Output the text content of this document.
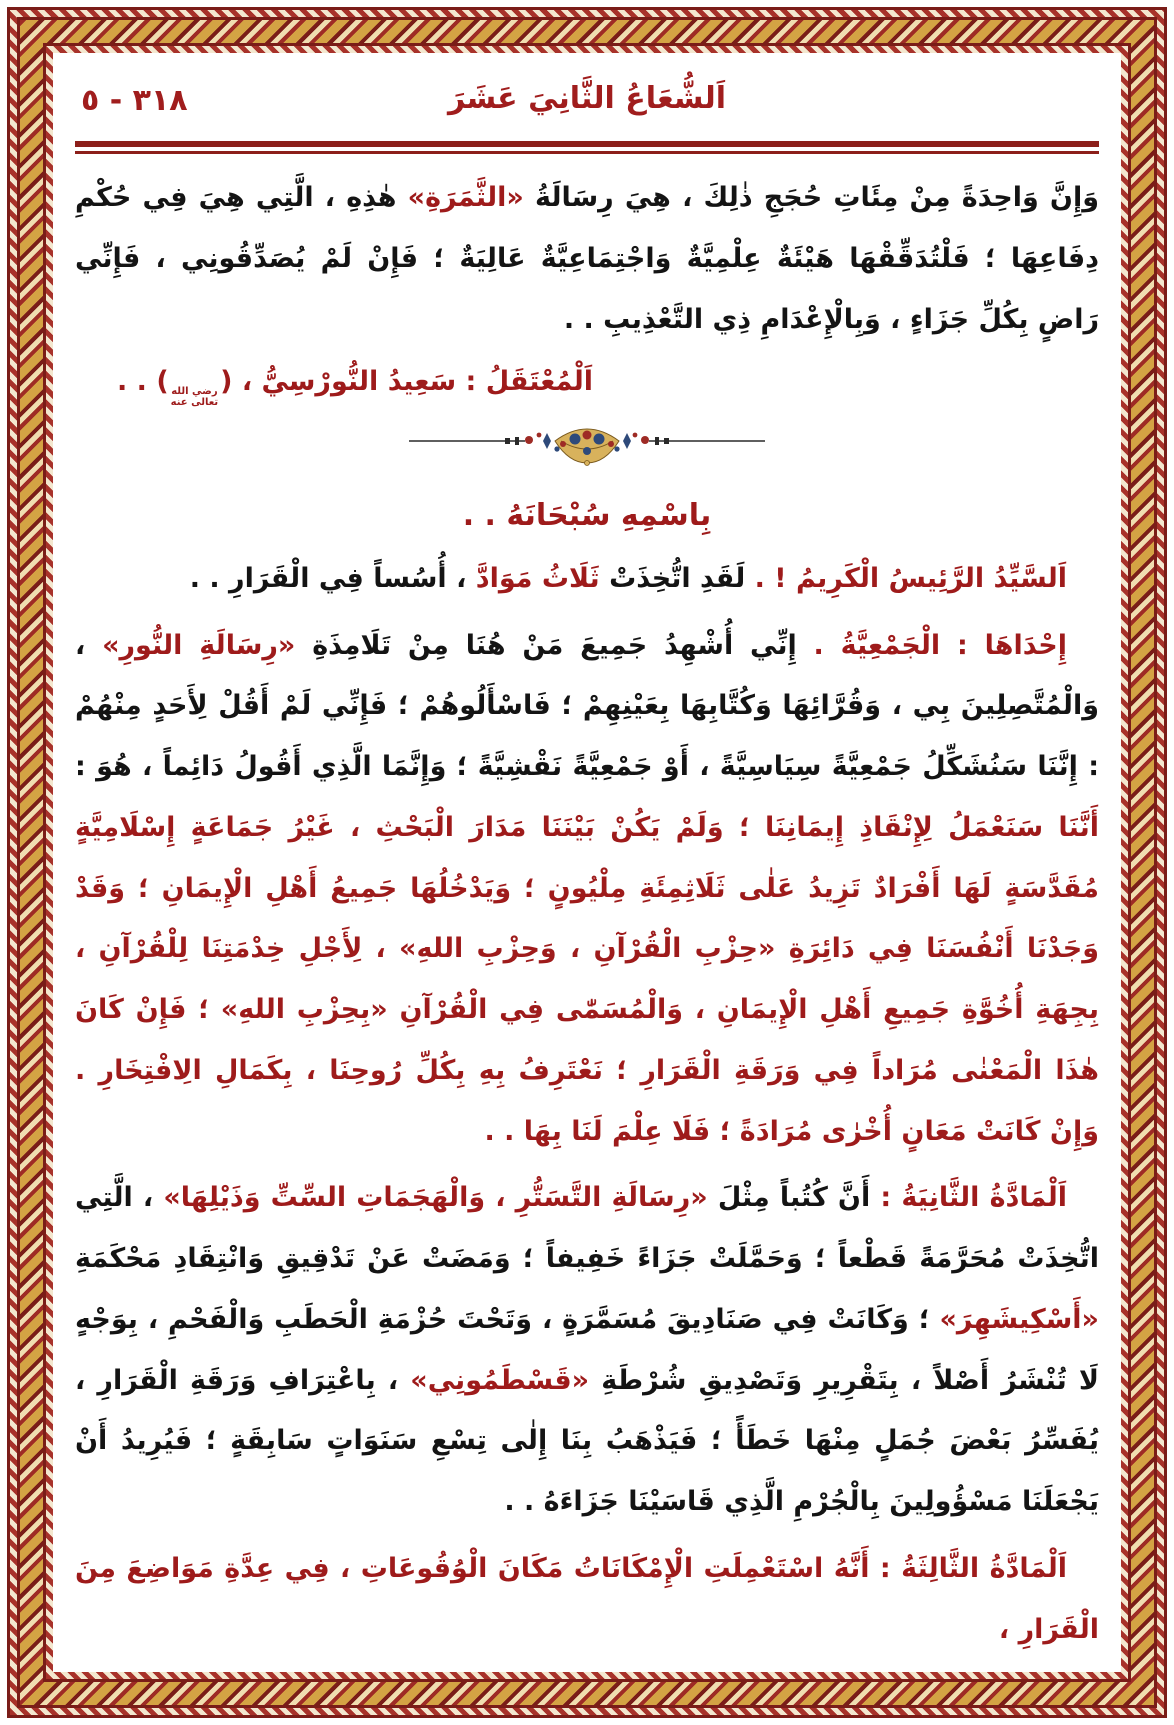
٣١٨ - ٥	اَلشُّعَاعُ الثَّانِيَ عَشَرَ

وَإِنَّ وَاحِدَةً مِنْ مِئَاتِ حُجَجِ ذٰلِكَ ، هِيَ رِسَالَةُ «الثَّمَرَةِ» هٰذِهِ ، الَّتِي هِيَ فِي حُكْمِ دِفَاعِهَا ؛ فَلْتُدَقِّقْهَا هَيْئَةٌ عِلْمِيَّةٌ وَاجْتِمَاعِيَّةٌ عَالِيَةٌ ؛ فَإِنْ لَمْ يُصَدِّقُونِي ، فَإِنِّي رَاضٍ بِكُلِّ جَزَاءٍ ، وَبِالْإِعْدَامِ ذِي التَّعْذِيبِ . .

اَلْمُعْتَقَلُ : سَعِيدُ النُّورْسِيُّ ، (
رضي الله
تعالى عنه
) . .

بِاسْمِهِ سُبْحَانَهُ . .

اَلسَّيِّدُ الرَّئِيسُ الْكَرِيمُ ! . لَقَدِ اتُّخِذَتْ ثَلَاثُ مَوَادَّ ، أُسُساً فِي الْقَرَارِ . .

إِحْدَاهَا : الْجَمْعِيَّةُ . إِنِّي أُشْهِدُ جَمِيعَ مَنْ هُنَا مِنْ تَلَامِذَةِ «رِسَالَةِ النُّورِ» ، وَالْمُتَّصِلِينَ بِي ، وَقُرَّائِهَا وَكُتَّابِهَا بِعَيْنِهِمْ ؛ فَاسْأَلُوهُمْ ؛ فَإِنِّي لَمْ أَقُلْ لِأَحَدٍ مِنْهُمْ : إِنَّنَا سَنُشَكِّلُ جَمْعِيَّةً سِيَاسِيَّةً ، أَوْ جَمْعِيَّةً نَقْشِيَّةً ؛ وَإِنَّمَا الَّذِي أَقُولُ دَائِماً ، هُوَ : أَنَّنَا سَنَعْمَلُ لِإِنْقَاذِ إِيمَانِنَا ؛ وَلَمْ يَكُنْ بَيْنَنَا مَدَارَ الْبَحْثِ ، غَيْرُ جَمَاعَةٍ إِسْلَامِيَّةٍ مُقَدَّسَةٍ لَهَا أَفْرَادٌ تَزِيدُ عَلٰى ثَلَاثِمِئَةِ مِلْيُونٍ ؛ وَيَدْخُلُهَا جَمِيعُ أَهْلِ الْإِيمَانِ ؛ وَقَدْ وَجَدْنَا أَنْفُسَنَا فِي دَائِرَةِ «حِزْبِ الْقُرْآنِ ، وَحِزْبِ اللهِ» ، لِأَجْلِ خِدْمَتِنَا لِلْقُرْآنِ ، بِجِهَةِ أُخُوَّةِ جَمِيعِ أَهْلِ الْإِيمَانِ ، وَالْمُسَمّٰى فِي الْقُرْآنِ «بِحِزْبِ اللهِ» ؛ فَإِنْ كَانَ هٰذَا الْمَعْنٰى مُرَاداً فِي وَرَقَةِ الْقَرَارِ ؛ نَعْتَرِفُ بِهِ بِكُلِّ رُوحِنَا ، بِكَمَالِ الِافْتِخَارِ . وَإِنْ كَانَتْ مَعَانٍ أُخْرٰى مُرَادَةً ؛ فَلَا عِلْمَ لَنَا بِهَا . .

اَلْمَادَّةُ الثَّانِيَةُ : أَنَّ كُتُباً مِثْلَ «رِسَالَةِ التَّسَتُّرِ ، وَالْهَجَمَاتِ السِّتِّ وَذَيْلِهَا» ، الَّتِي اتُّخِذَتْ مُحَرَّمَةً قَطْعاً ؛ وَحَمَّلَتْ جَزَاءً خَفِيفاً ؛ وَمَضَتْ عَنْ تَدْقِيقِ وَانْتِقَادِ مَحْكَمَةِ «أَسْكِيشَهِرَ» ؛ وَكَانَتْ فِي صَنَادِيقَ مُسَمَّرَةٍ ، وَتَحْتَ حُزْمَةِ الْحَطَبِ وَالْفَحْمِ ، بِوَجْهٍ لَا تُنْشَرُ أَصْلاً ، بِتَقْرِيرِ وَتَصْدِيقِ شُرْطَةِ «قَسْطَمُونِي» ، بِاعْتِرَافِ وَرَقَةِ الْقَرَارِ ، يُفَسِّرُ بَعْضَ جُمَلٍ مِنْهَا خَطَأً ؛ فَيَذْهَبُ بِنَا إِلٰى تِسْعِ سَنَوَاتٍ سَابِقَةٍ ؛ فَيُرِيدُ أَنْ يَجْعَلَنَا مَسْؤُولِينَ بِالْجُرْمِ الَّذِي قَاسَيْنَا جَزَاءَهُ . .

اَلْمَادَّةُ الثَّالِثَةُ : أَنَّهُ اسْتَعْمِلَتِ الْإِمْكَانَاتُ مَكَانَ الْوُقُوعَاتِ ، فِي عِدَّةِ مَوَاضِعَ مِنَ الْقَرَارِ ،
